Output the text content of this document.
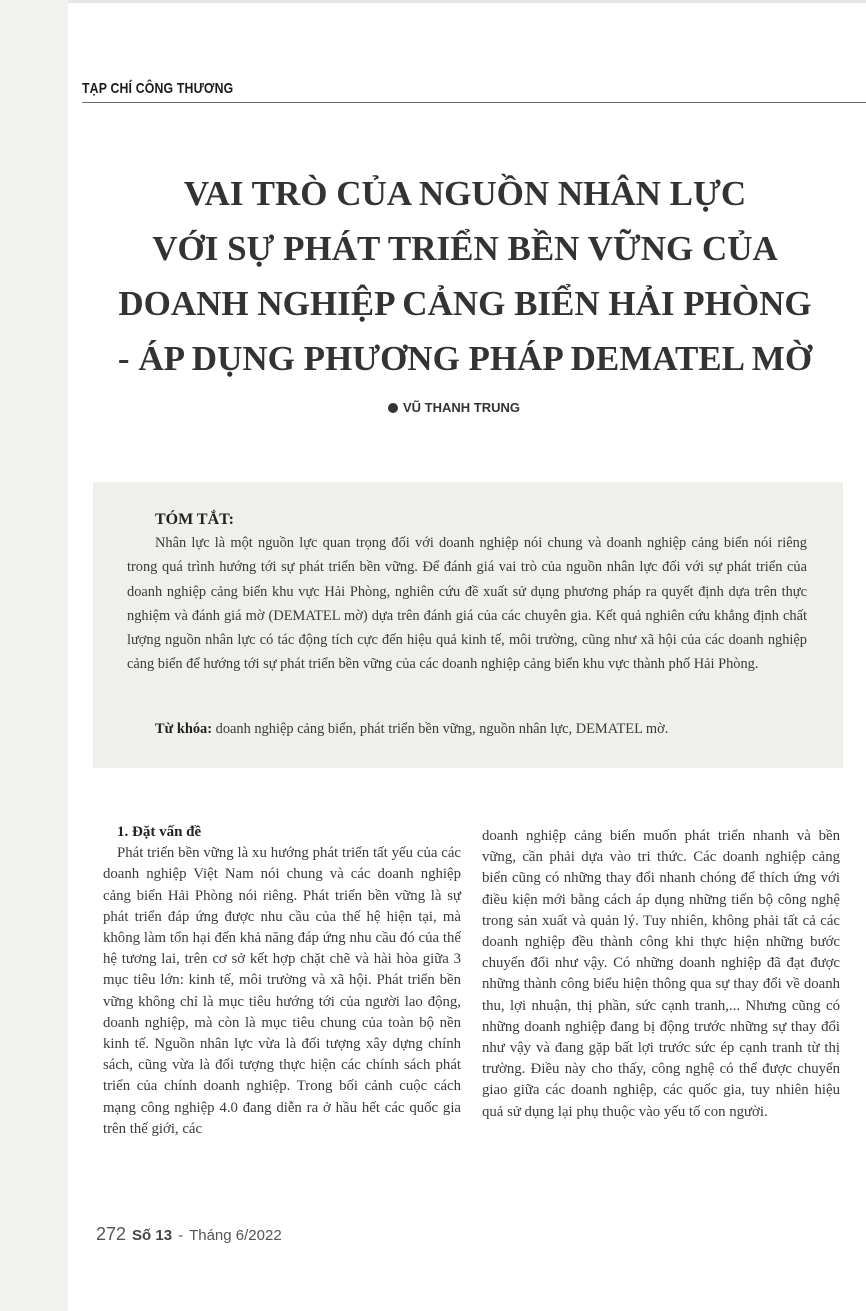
TẠP CHÍ CÔNG THƯƠNG
VAI TRÒ CỦA NGUỒN NHÂN LỰC
VỚI SỰ PHÁT TRIỂN BỀN VỮNG CỦA
DOANH NGHIỆP CẢNG BIỂN HẢI PHÒNG
- ÁP DỤNG PHƯƠNG PHÁP DEMATEL MỜ
VŨ THANH TRUNG
TÓM TẮT:

Nhân lực là một nguồn lực quan trọng đối với doanh nghiệp nói chung và doanh nghiệp cảng biển nói riêng trong quá trình hướng tới sự phát triển bền vững. Để đánh giá vai trò của nguồn nhân lực đối với sự phát triển của doanh nghiệp cảng biển khu vực Hải Phòng, nghiên cứu đề xuất sử dụng phương pháp ra quyết định dựa trên thực nghiệm và đánh giá mờ (DEMATEL mờ) dựa trên đánh giá của các chuyên gia. Kết quả nghiên cứu khẳng định chất lượng nguồn nhân lực có tác động tích cực đến hiệu quả kinh tế, môi trường, cũng như xã hội của các doanh nghiệp cảng biển để hướng tới sự phát triển bền vững của các doanh nghiệp cảng biển khu vực thành phố Hải Phòng.

Từ khóa: doanh nghiệp cảng biển, phát triển bền vững, nguồn nhân lực, DEMATEL mờ.

1. Đặt vấn đề

Phát triển bền vững là xu hướng phát triển tất yếu của các doanh nghiệp Việt Nam nói chung và các doanh nghiệp cảng biển Hải Phòng nói riêng. Phát triển bền vững là sự phát triển đáp ứng được nhu cầu của thế hệ hiện tại, mà không làm tổn hại đến khả năng đáp ứng nhu cầu đó của thế hệ tương lai, trên cơ sở kết hợp chặt chẽ và hài hòa giữa 3 mục tiêu lớn: kinh tế, môi trường và xã hội. Phát triển bền vững không chỉ là mục tiêu hướng tới của người lao động, doanh nghiệp, mà còn là mục tiêu chung của toàn bộ nền kinh tế. Nguồn nhân lực vừa là đối tượng xây dựng chính sách, cũng vừa là đối tượng thực hiện các chính sách phát triển của chính doanh nghiệp. Trong bối cảnh cuộc cách mạng công nghiệp 4.0 đang diễn ra ở hầu hết các quốc gia trên thế giới, các

doanh nghiệp cảng biển muốn phát triển nhanh và bền vững, cần phải dựa vào tri thức. Các doanh nghiệp cảng biển cũng có những thay đổi nhanh chóng để thích ứng với điều kiện mới bằng cách áp dụng những tiến bộ công nghệ trong sản xuất và quản lý. Tuy nhiên, không phải tất cả các doanh nghiệp đều thành công khi thực hiện những bước chuyển đổi như vậy. Có những doanh nghiệp đã đạt được những thành công biểu hiện thông qua sự thay đổi về doanh thu, lợi nhuận, thị phần, sức cạnh tranh,... Nhưng cũng có những doanh nghiệp đang bị động trước những sự thay đổi như vậy và đang gặp bất lợi trước sức ép cạnh tranh từ thị trường. Điều này cho thấy, công nghệ có thể được chuyển giao giữa các doanh nghiệp, các quốc gia, tuy nhiên hiệu quả sử dụng lại phụ thuộc vào yếu tố con người.

272 Số 13 - Tháng 6/2022
